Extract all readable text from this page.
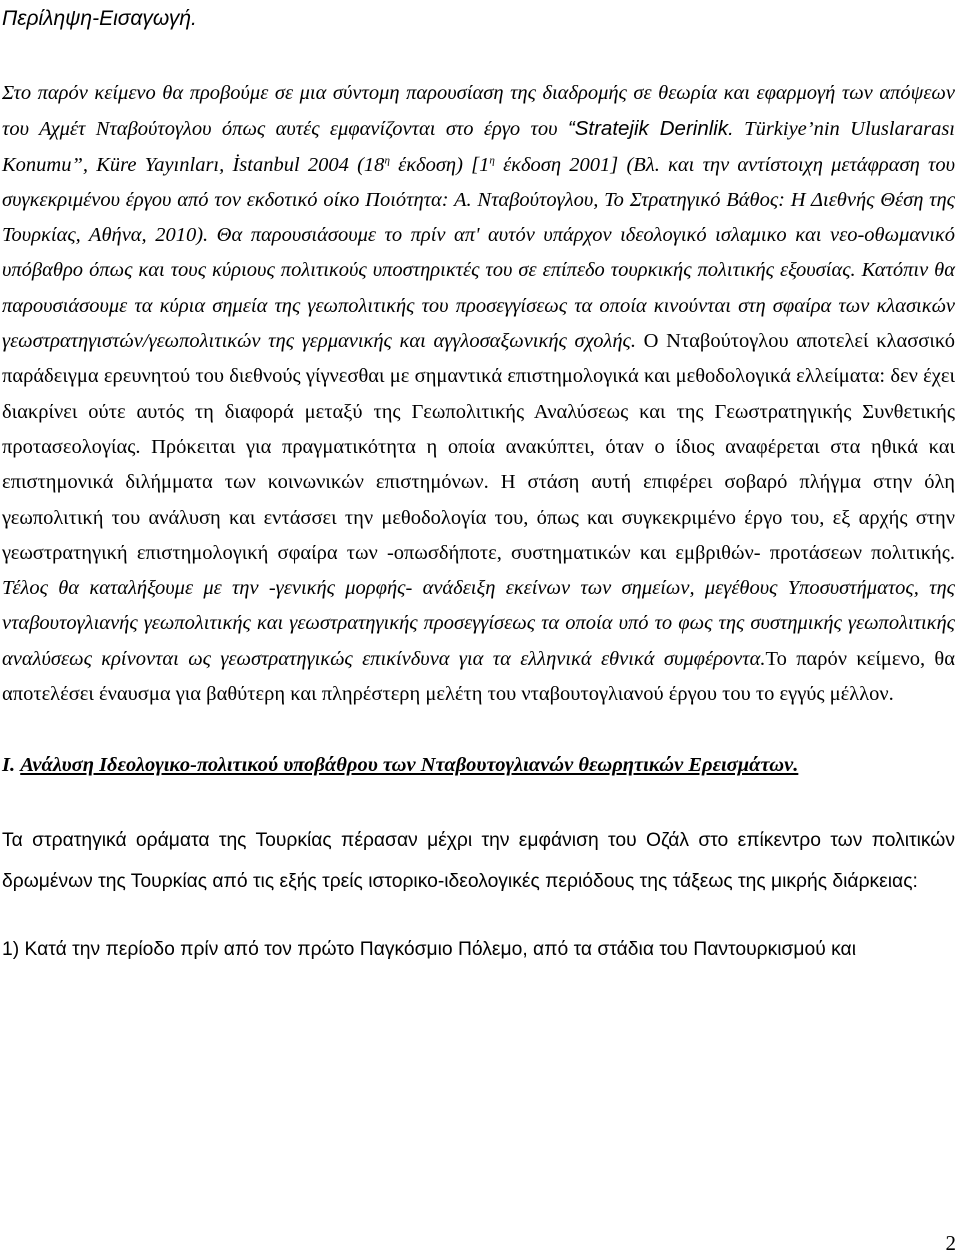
Περίληψη-Εισαγωγή.

Στο παρόν κείμενο θα προβούμε σε μια σύντομη παρουσίαση της διαδρομής σε θεωρία και εφαρμογή των απόψεων του Αχμέτ Νταβούτογλου όπως αυτές εμφανίζονται στο έργο του “Stratejik Derinlik. Türkiye’nin Uluslararası Konumu”, Küre Yayınları, İstanbul 2004 ($18^\eta$ έκδοση) [$1^\eta$ έκδοση 2001] (Βλ. και την αντίστοιχη μετάφραση του συγκεκριμένου έργου από τον εκδοτικό οίκο Ποιότητα: Α. Νταβούτογλου, Το Στρατηγικό Βάθος: Η Διεθνής Θέση της Τουρκίας, Αθήνα, 2010). Θα παρουσιάσουμε το πρίν απ' αυτόν υπάρχον ιδεολογικό ισλαμικο και νεο-οθωμανικό υπόβαθρο όπως και τους κύριους πολιτικούς υποστηρικτές του σε επίπεδο τουρκικής πολιτικής εξουσίας. Κατόπιν θα παρουσιάσουμε τα κύρια σημεία της γεωπολιτικής του προσεγγίσεως τα οποία κινούνται στη σφαίρα των κλασικών γεωστρατηγιστών/γεωπολιτικών της γερμανικής και αγγλοσαξωνικής σχολής. Ο Νταβούτογλου αποτελεί κλασσικό παράδειγμα ερευνητού του διεθνούς γίγνεσθαι με σημαντικά επιστημολογικά και μεθοδολογικά ελλείματα: δεν έχει διακρίνει ούτε αυτός τη διαφορά μεταξύ της Γεωπολιτικής Αναλύσεως και της Γεωστρατηγικής Συνθετικής προτασεολογίας. Πρόκειται για πραγματικότητα η οποία ανακύπτει, όταν ο ίδιος αναφέρεται στα ηθικά και επιστημονικά διλήμματα των κοινωνικών επιστημόνων. Η στάση αυτή επιφέρει σοβαρό πλήγμα στην όλη γεωπολιτική του ανάλυση και εντάσσει την μεθοδολογία του, όπως και συγκεκριμένο έργο του, εξ αρχής στην γεωστρατηγική επιστημολογική σφαίρα των -οπωσδήποτε, συστηματικών και εμβριθών- προτάσεων πολιτικής. Τέλος θα καταλήξουμε με την -γενικής μορφής- ανάδειξη εκείνων των σημείων, μεγέθους Υποσυστήματος, της νταβουτογλιανής γεωπολιτικής και γεωστρατηγικής προσεγγίσεως τα οποία υπό το φως της συστημικής γεωπολιτικής αναλύσεως κρίνονται ως γεωστρατηγικώς επικίνδυνα για τα ελληνικά εθνικά συμφέροντα.Το παρόν κείμενο, θα αποτελέσει έναυσμα για βαθύτερη και πληρέστερη μελέτη του νταβουτογλιανού έργου του το εγγύς μέλλον.

I. Ανάλυση Ιδεολογικο-πολιτικού υποβάθρου των Νταβουτογλιανών θεωρητικών Ερεισμάτων.

Τα στρατηγικά οράματα της Τουρκίας πέρασαν μέχρι την εμφάνιση του Οζάλ στο επίκεντρο των πολιτικών δρωμένων της Τουρκίας από τις εξής τρείς ιστορικο-ιδεολογικές περιόδους της τάξεως της μικρής διάρκειας:

1) Κατά την περίοδο πρίν από τον πρώτο Παγκόσμιο Πόλεμο, από τα στάδια του Παντουρκισμού και

2
